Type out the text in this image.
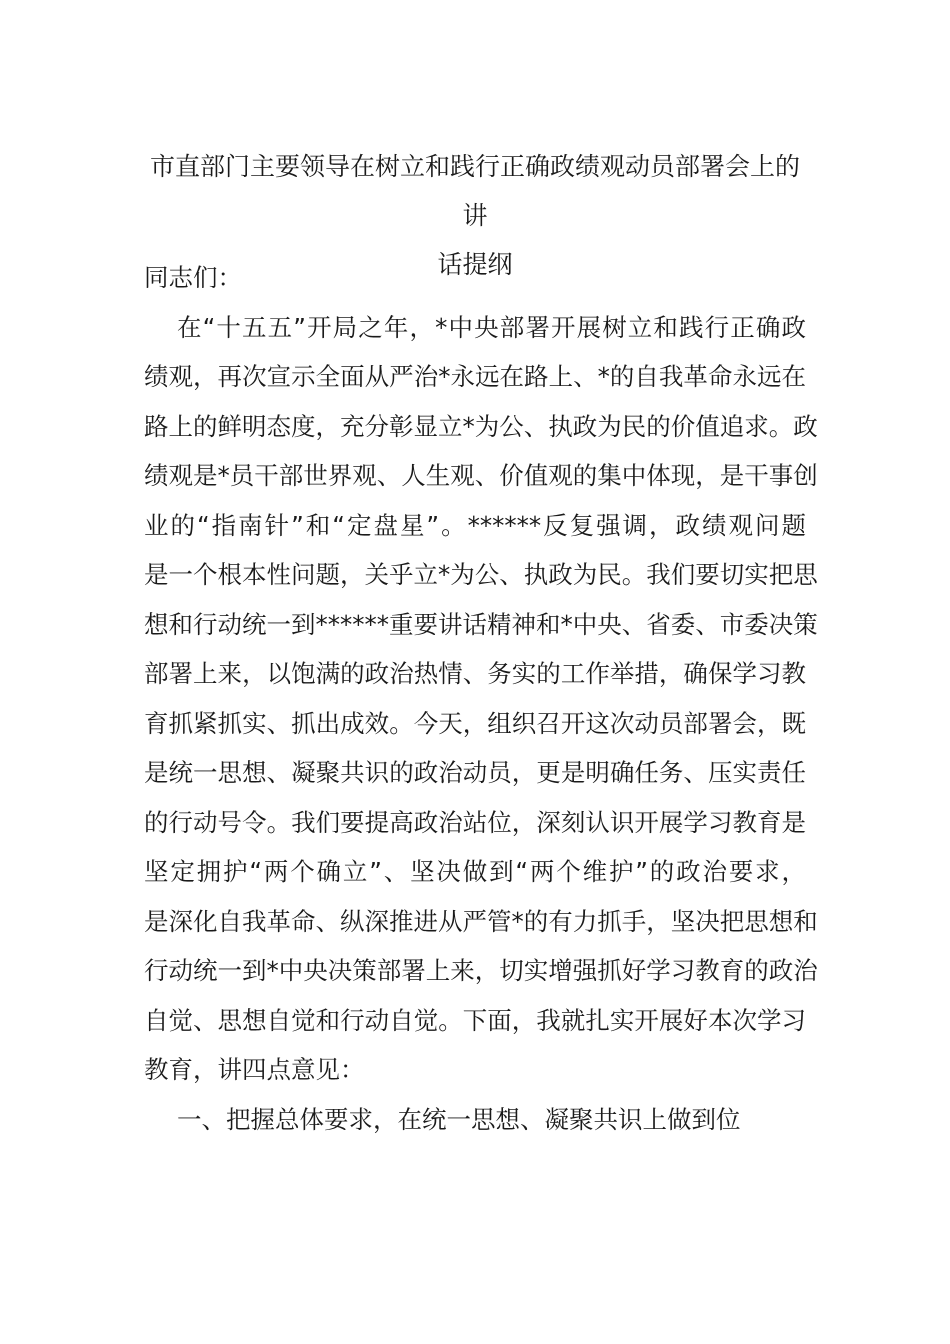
市直部门主要领导在树立和践行正确政绩观动员部署会上的讲
话提纲
同志们：
在“十五五”开局之年，*中央部署开展树立和践行正确政
绩观，再次宣示全面从严治*永远在路上、*的自我革命永远在
路上的鲜明态度，充分彰显立*为公、执政为民的价值追求。政
绩观是*员干部世界观、人生观、价值观的集中体现，是干事创
业的“指南针”和“定盘星”。******反复强调，政绩观问题
是一个根本性问题，关乎立*为公、执政为民。我们要切实把思
想和行动统一到******重要讲话精神和*中央、省委、市委决策
部署上来，以饱满的政治热情、务实的工作举措，确保学习教
育抓紧抓实、抓出成效。今天，组织召开这次动员部署会，既
是统一思想、凝聚共识的政治动员，更是明确任务、压实责任
的行动号令。我们要提高政治站位，深刻认识开展学习教育是
坚定拥护“两个确立”、坚决做到“两个维护”的政治要求，
是深化自我革命、纵深推进从严管*的有力抓手，坚决把思想和
行动统一到*中央决策部署上来，切实增强抓好学习教育的政治
自觉、思想自觉和行动自觉。下面，我就扎实开展好本次学习
教育，讲四点意见：
一、把握总体要求，在统一思想、凝聚共识上做到位
